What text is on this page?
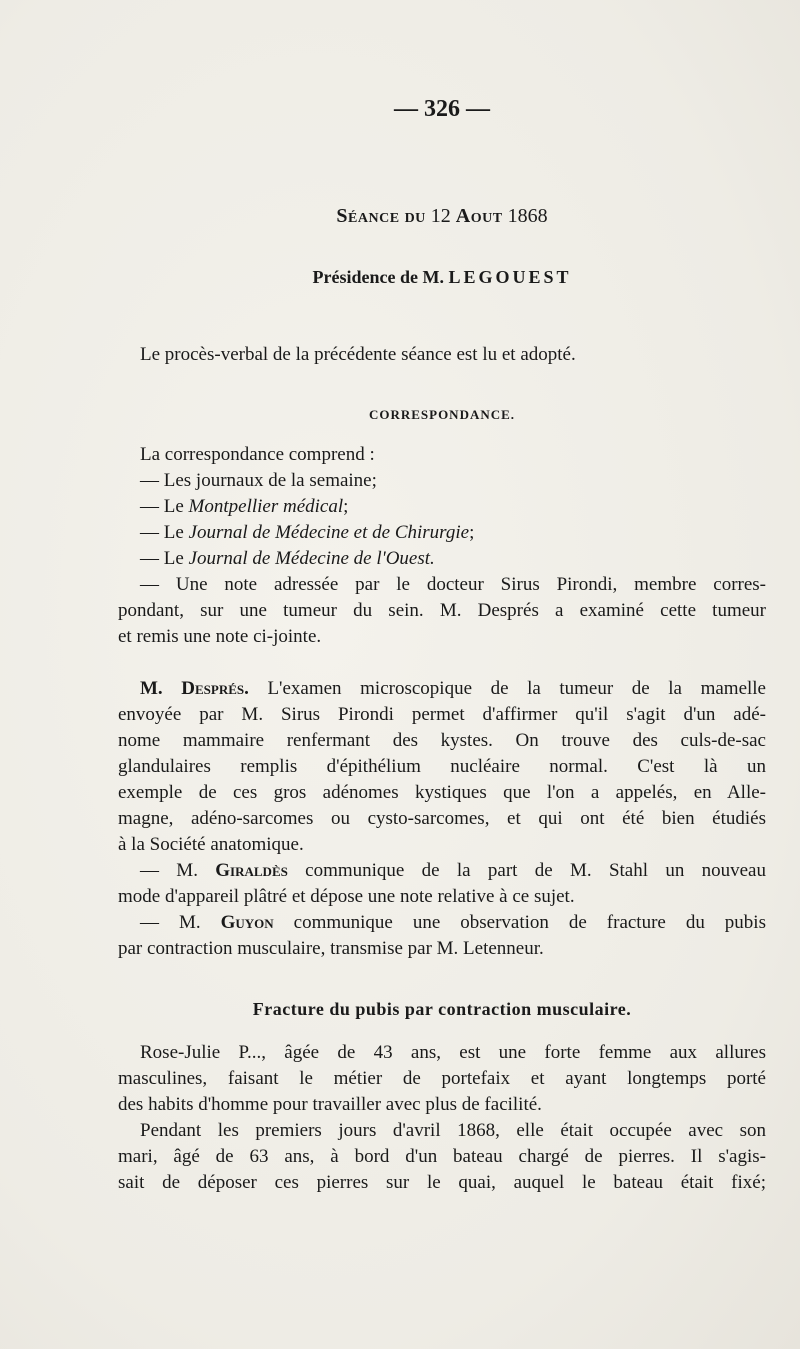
— 326 —
Séance du 12 Aout 1868
Présidence de M. LEGOUEST
Le procès-verbal de la précédente séance est lu et adopté.
CORRESPONDANCE.
La correspondance comprend :
— Les journaux de la semaine;
— Le Montpellier médical;
— Le Journal de Médecine et de Chirurgie;
— Le Journal de Médecine de l'Ouest.
— Une note adressée par le docteur Sirus Pirondi, membre corres-
pondant, sur une tumeur du sein. M. Després a examiné cette tumeur
et remis une note ci-jointe.
M. Després. L'examen microscopique de la tumeur de la mamelle
envoyée par M. Sirus Pirondi permet d'affirmer qu'il s'agit d'un adé-
nome mammaire renfermant des kystes. On trouve des culs-de-sac
glandulaires remplis d'épithélium nucléaire normal. C'est là un
exemple de ces gros adénomes kystiques que l'on a appelés, en Alle-
magne, adéno-sarcomes ou cysto-sarcomes, et qui ont été bien étudiés
à la Société anatomique.
— M. Giraldès communique de la part de M. Stahl un nouveau
mode d'appareil plâtré et dépose une note relative à ce sujet.
— M. Guyon communique une observation de fracture du pubis
par contraction musculaire, transmise par M. Letenneur.
Fracture du pubis par contraction musculaire.
Rose-Julie P..., âgée de 43 ans, est une forte femme aux allures
masculines, faisant le métier de portefaix et ayant longtemps porté
des habits d'homme pour travailler avec plus de facilité.
Pendant les premiers jours d'avril 1868, elle était occupée avec son
mari, âgé de 63 ans, à bord d'un bateau chargé de pierres. Il s'agis-
sait de déposer ces pierres sur le quai, auquel le bateau était fixé;
